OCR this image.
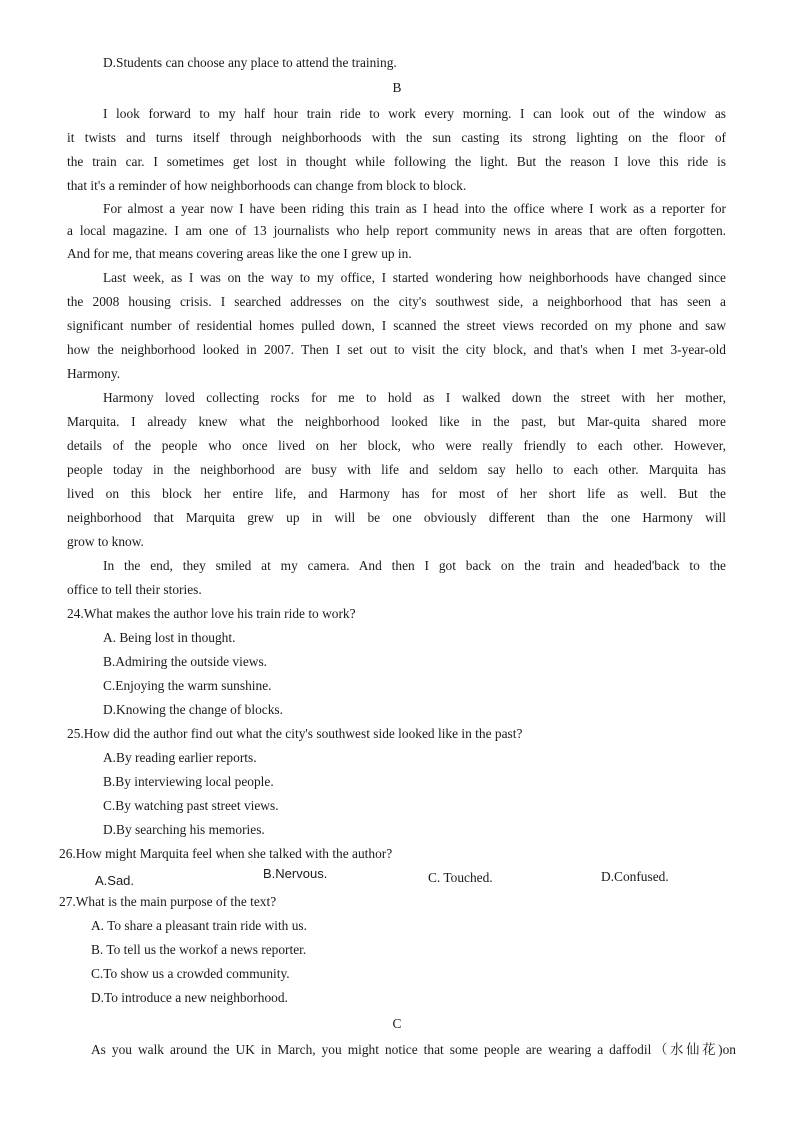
D.Students can choose any place to attend the training.
B
I look forward to my half hour train ride to work every morning. I can look out of the window as
it twists and turns itself through neighborhoods with the sun casting its strong lighting on the floor of
the train car. I sometimes get lost in thought while following the light. But the reason I love this ride is
that it's a reminder of how neighborhoods can change from block to block.
For almost a year now I have been riding this train as I head into the office where I work as a reporter for
a local magazine. I am one of 13 journalists who help report community news in areas that are often forgotten.
And for me, that means covering areas like the one I grew up in.
Last week, as I was on the way to my office, I started wondering how neighborhoods have changed since
the 2008 housing crisis. I searched addresses on the city's southwest side, a neighborhood that has seen a
significant number of residential homes pulled down, I scanned the street views recorded on my phone and saw
how the neighborhood looked in 2007. Then I set out to visit the city block, and that's when I met 3-year-old
Harmony.
Harmony loved collecting rocks for me to hold as I walked down the street with her mother,
Marquita. I already knew what the neighborhood looked like in the past, but Mar-quita shared more
details of the people who once lived on her block, who were really friendly to each other. However,
people today in the neighborhood are busy with life and seldom say hello to each other. Marquita has
lived on this block her entire life, and Harmony has for most of her short life as well. But the
neighborhood that Marquita grew up in will be one obviously different than the one Harmony will
grow to know.
In the end, they smiled at my camera. And then I got back on the train and headed'back to the
office to tell their stories.
24.What makes the author love his train ride to work?
A. Being lost in thought.
B.Admiring the outside views.
C.Enjoying the warm sunshine.
D.Knowing the change of blocks.
25.How did the author find out what the city's southwest side looked like in the past?
A.By reading earlier reports.
B.By interviewing local people.
C.By watching past street views.
D.By searching his memories.
26.How might Marquita feel when she talked with the author?
A.Sad.	B.Nervous.	C. Touched.	D.Confused.
27.What is the main purpose of the text?
A. To share a pleasant train ride with us.
B. To tell us the workof a news reporter.
C.To show us a crowded community.
D.To introduce a new neighborhood.
C
As you walk around the UK in March, you might notice that some people are wearing a daffodil（水仙花)on
